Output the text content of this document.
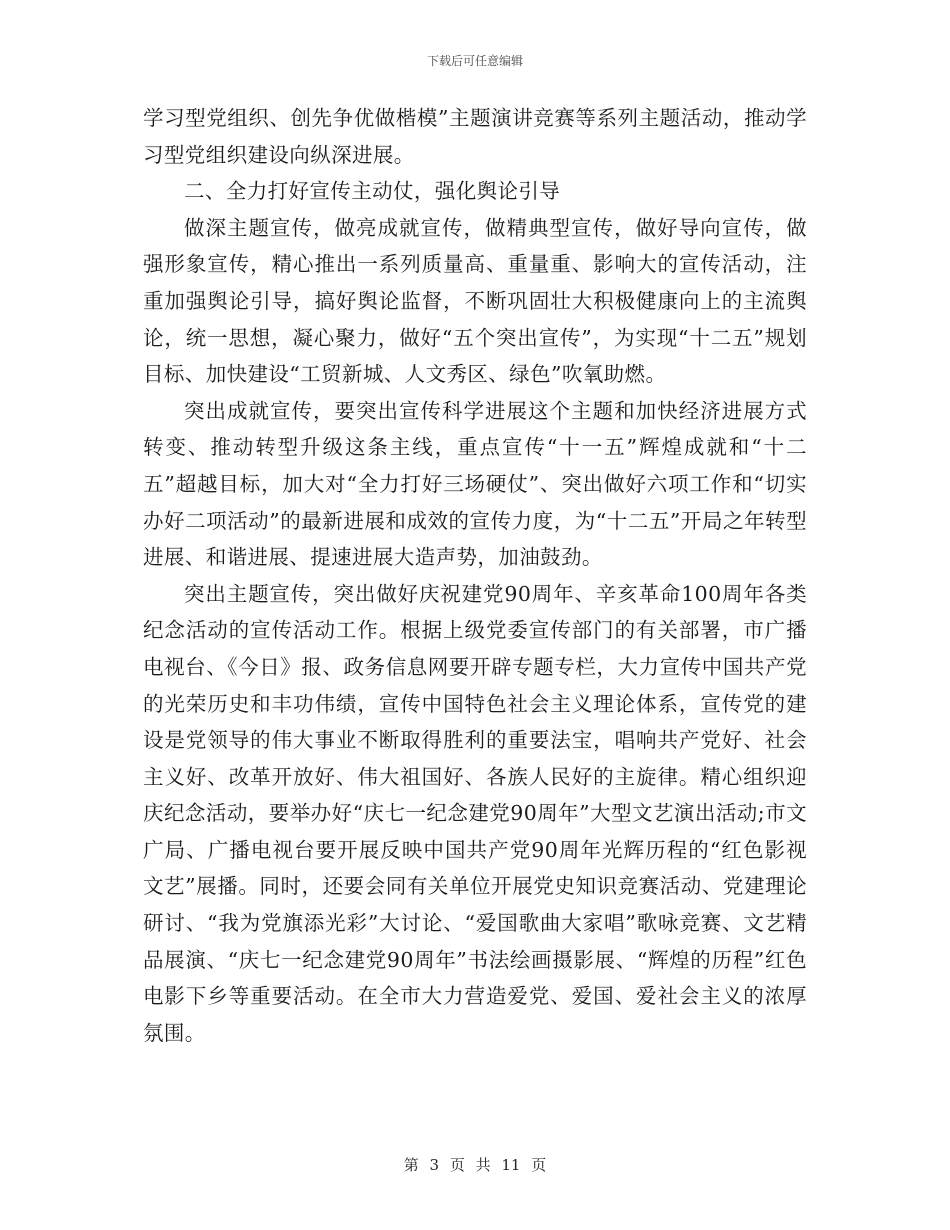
下载后可任意编辑

学习型党组织、创先争优做楷模”主题演讲竞赛等系列主题活动，推动学习型党组织建设向纵深进展。

二、全力打好宣传主动仗，强化舆论引导

做深主题宣传，做亮成就宣传，做精典型宣传，做好导向宣传，做强形象宣传，精心推出一系列质量高、重量重、影响大的宣传活动，注重加强舆论引导，搞好舆论监督，不断巩固壮大积极健康向上的主流舆论，统一思想，凝心聚力，做好“五个突出宣传”，为实现“十二五”规划目标、加快建设“工贸新城、人文秀区、绿色”吹氧助燃。

突出成就宣传，要突出宣传科学进展这个主题和加快经济进展方式转变、推动转型升级这条主线，重点宣传“十一五”辉煌成就和“十二五”超越目标，加大对“全力打好三场硬仗”、突出做好六项工作和“切实办好二项活动”的最新进展和成效的宣传力度，为“十二五”开局之年转型进展、和谐进展、提速进展大造声势，加油鼓劲。

突出主题宣传，突出做好庆祝建党90周年、辛亥革命100周年各类纪念活动的宣传活动工作。根据上级党委宣传部门的有关部署，市广播电视台、《今日》报、政务信息网要开辟专题专栏，大力宣传中国共产党的光荣历史和丰功伟绩，宣传中国特色社会主义理论体系，宣传党的建设是党领导的伟大事业不断取得胜利的重要法宝，唱响共产党好、社会主义好、改革开放好、伟大祖国好、各族人民好的主旋律。精心组织迎庆纪念活动，要举办好“庆七一纪念建党90周年”大型文艺演出活动;市文广局、广播电视台要开展反映中国共产党90周年光辉历程的“红色影视文艺”展播。同时，还要会同有关单位开展党史知识竞赛活动、党建理论研讨、“我为党旗添光彩”大讨论、“爱国歌曲大家唱”歌咏竞赛、文艺精品展演、“庆七一纪念建党90周年”书法绘画摄影展、“辉煌的历程”红色电影下乡等重要活动。在全市大力营造爱党、爱国、爱社会主义的浓厚氛围。

第 3 页 共 11 页
